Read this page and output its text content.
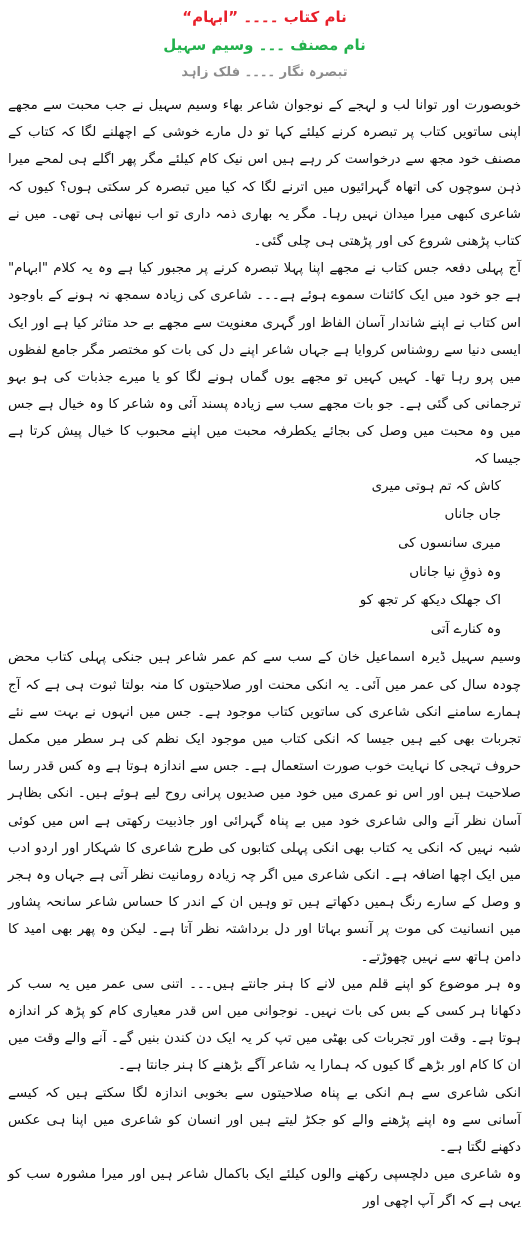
نام کتاب ۔۔۔۔ ”ابہام“
نام مصنف ۔۔۔ وسیم سہیل
تبصرہ نگار ۔۔۔۔ فلک زاہد

خوبصورت اور توانا لب و لہجے کے نوجوان شاعر بھاء وسیم سہیل نے جب محبت سے مجھے اپنی ساتویں کتاب پر تبصرہ کرنے کیلئے کہا تو دل مارے خوشی کے اچھلنے لگا کہ کتاب کے مصنف خود مجھ سے درخواست کر رہے ہیں اس نیک کام کیلئے مگر پھر اگلے ہی لمحے میرا ذہن سوچوں کی اتھاہ گہرائیوں میں اترنے لگا کہ کیا میں تبصرہ کر سکتی ہوں؟ کیوں کہ شاعری کبھی میرا میدان نہیں رہا۔ مگر یہ بھاری ذمہ داری تو اب نبھانی ہی تھی۔ میں نے کتاب پڑھنی شروع کی اور پڑھتی ہی چلی گئی۔

آج پہلی دفعہ جس کتاب نے مجھے اپنا پہلا تبصرہ کرنے پر مجبور کیا ہے وہ یہ کلام "ابہام" ہے جو خود میں ایک کائنات سموے ہوئے ہے۔۔۔ شاعری کی زیادہ سمجھ نہ ہونے کے باوجود اس کتاب نے اپنے شاندار آسان الفاظ اور گہری معنویت سے مجھے بے حد متاثر کیا ہے اور ایک ایسی دنیا سے روشناس کروایا ہے جہاں شاعر اپنے دل کی بات کو مختصر مگر جامع لفظوں میں پرو رہا تھا۔ کہیں کہیں تو مجھے یوں گماں ہونے لگا کو یا میرے جذبات کی ہو بہو ترجمانی کی گئی ہے۔ جو بات مجھے سب سے زیادہ پسند آئی وہ شاعر کا وہ خیال ہے جس میں وہ محبت میں وصل کی بجائے یکطرفہ محبت میں اپنے محبوب کا خیال پیش کرتا ہے جیسا کہ

کاش کہ تم ہوتی میری
جاں جاناں
میری سانسوں کی
وہ ذوقِ نیا جاناں
اک جھلک دیکھ کر تجھ کو
وہ کنارے آتی

وسیم سہیل ڈیرہ اسماعیل خان کے سب سے کم عمر شاعر ہیں جنکی پہلی کتاب محض چودہ سال کی عمر میں آئی۔ یہ انکی محنت اور صلاحیتوں کا منہ بولتا ثبوت ہی ہے کہ آج ہمارے سامنے انکی شاعری کی ساتویں کتاب موجود ہے۔ جس میں انہوں نے بہت سے نئے تجربات بھی کیے ہیں جیسا کہ انکی کتاب میں موجود ایک نظم کی ہر سطر میں مکمل حروف تہجی کا نہایت خوب صورت استعمال ہے۔ جس سے اندازہ ہوتا ہے وہ کس قدر رسا صلاحیت ہیں اور اس نو عمری میں خود میں صدیوں پرانی روح لیے ہوئے ہیں۔ انکی بظاہر آسان نظر آنے والی شاعری خود میں بے پناہ گہرائی اور جاذبیت رکھتی ہے اس میں کوئی شبہ نہیں کہ انکی یہ کتاب بھی انکی پہلی کتابوں کی طرح شاعری کا شہکار اور اردو ادب میں ایک اچھا اضافہ ہے۔ انکی شاعری میں اگر چہ زیادہ رومانیت نظر آتی ہے جہاں وہ ہجر و وصل کے سارے رنگ ہمیں دکھاتے ہیں تو وہیں ان کے اندر کا حساس شاعر سانحہ پشاور میں انسانیت کی موت پر آنسو بہاتا اور دل برداشتہ نظر آتا ہے۔ لیکن وہ پھر بھی امید کا دامن ہاتھ سے نہیں چھوڑتے۔

وہ ہر موضوع کو اپنے قلم میں لانے کا ہنر جانتے ہیں۔۔۔ اتنی سی عمر میں یہ سب کر دکھانا ہر کسی کے بس کی بات نہیں۔ نوجوانی میں اس قدر معیاری کام کو پڑھ کر اندازہ ہوتا ہے۔ وقت اور تجربات کی بھٹی میں تپ کر یہ ایک دن کندن بنیں گے۔ آنے والے وقت میں ان کا کام اور بڑھے گا کیوں کہ ہمارا یہ شاعر آگے بڑھنے کا ہنر جانتا ہے۔

انکی شاعری سے ہم انکی بے پناہ صلاحیتوں سے بخوبی اندازہ لگا سکتے ہیں کہ کیسے آسانی سے وہ اپنے پڑھنے والے کو جکڑ لیتے ہیں اور انسان کو شاعری میں اپنا ہی عکس دکھنے لگتا ہے۔

وہ شاعری میں دلچسپی رکھنے والوں کیلئے ایک باکمال شاعر ہیں اور میرا مشورہ سب کو یہی ہے کہ اگر آپ اچھی اور
